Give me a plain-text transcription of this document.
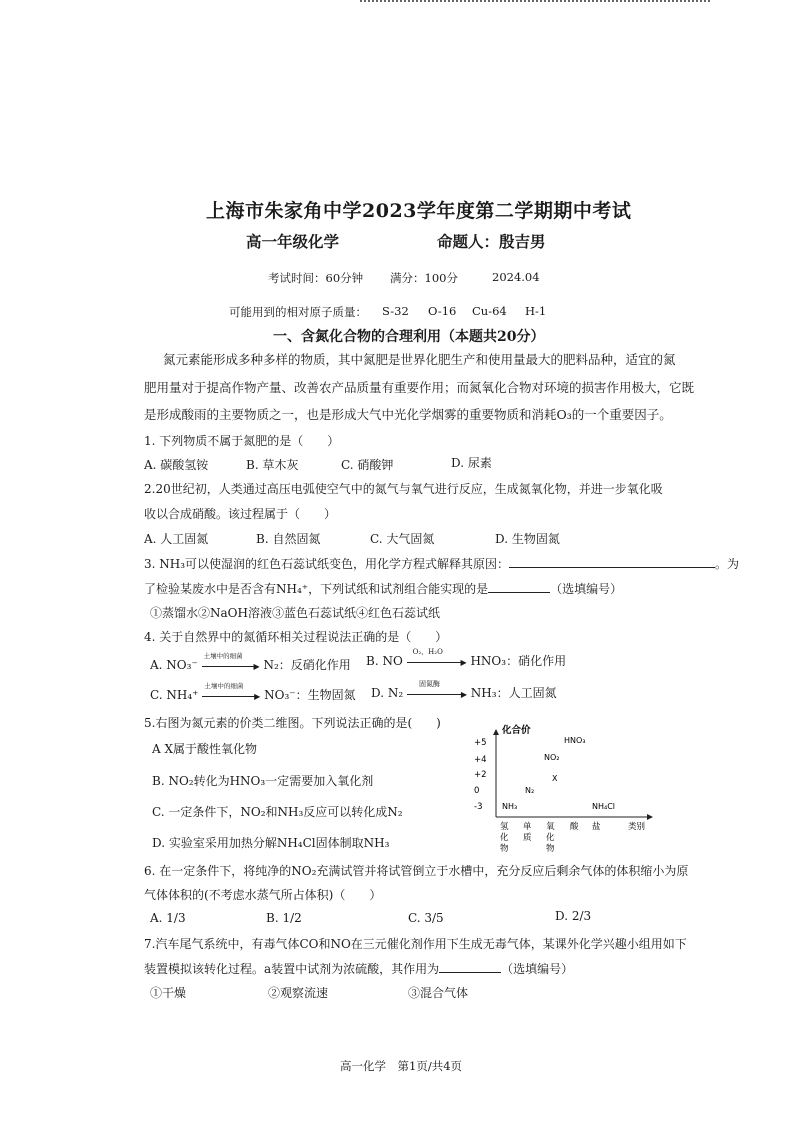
上海市朱家角中学2023学年度第二学期期中考试
高一年级化学	命题人：殷吉男
考试时间：60分钟 满分：100分	2024.04
可能用到的相对原子质量： S-32 O-16 Cu-64 H-1
一、含氮化合物的合理利用（本题共20分）
氮元素能形成多种多样的物质，其中氮肥是世界化肥生产和使用量最大的肥料品种，适宜的氮
肥用量对于提高作物产量、改善农产品质量有重要作用；而氮氧化合物对环境的损害作用极大，它既
是形成酸雨的主要物质之一，也是形成大气中光化学烟雾的重要物质和消耗O₃的一个重要因子。
1. 下列物质不属于氮肥的是（　　）
A. 碳酸氢铵	B. 草木灰	C. 硝酸钾	D. 尿素
2.20世纪初，人类通过高压电弧使空气中的氮气与氧气进行反应，生成氮氧化物，并进一步氧化吸
收以合成硝酸。该过程属于（　　）
A. 人工固氮	B. 自然固氮	C. 大气固氮	D. 生物固氮
3. NH₃可以使湿润的红色石蕊试纸变色，用化学方程式解释其原因：	。为
了检验某废水中是否含有NH₄⁺，下列试纸和试剂组合能实现的是	（选填编号）
①蒸馏水②NaOH溶液③蓝色石蕊试纸④红色石蕊试纸
4. 关于自然界中的氮循环相关过程说法正确的是（　　）
A. NO₃⁻
土壤中的细菌
▶ N₂：反硝化作用 B. NO
O₂、H₂O
▶ HNO₃：硝化作用
C. NH₄⁺
土壤中的细菌
▶ NO₃⁻：生物固氮 D. N₂
固氮酶
▶ NH₃：人工固氮
5.右图为氮元素的价类二维图。下列说法正确的是(　　)
A X属于酸性氧化物
B. NO₂转化为HNO₃一定需要加入氧化剂
C. 一定条件下，NO₂和NH₃反应可以转化成N₂
D. 实验室采用加热分解NH₄Cl固体制取NH₃
化合价
类别
+5
+4
+2
0
-3
氢
化
物
单
质
氧
化
物
酸 盐
NH₃
N₂
NO₂
X
HNO₃
NH₄Cl
6. 在一定条件下，将纯净的NO₂充满试管并将试管倒立于水槽中，充分反应后剩余气体的体积缩小为原
气体体积的(不考虑水蒸气所占体积)（　　）
A. 1/3	B. 1/2	C. 3/5	D. 2/3
7.汽车尾气系统中，有毒气体CO和NO在三元催化剂作用下生成无毒气体，某课外化学兴趣小组用如下
装置模拟该转化过程。a装置中试剂为浓硫酸，其作用为	（选填编号）
①干燥	②观察流速	③混合气体
高一化学　第1页/共4页
